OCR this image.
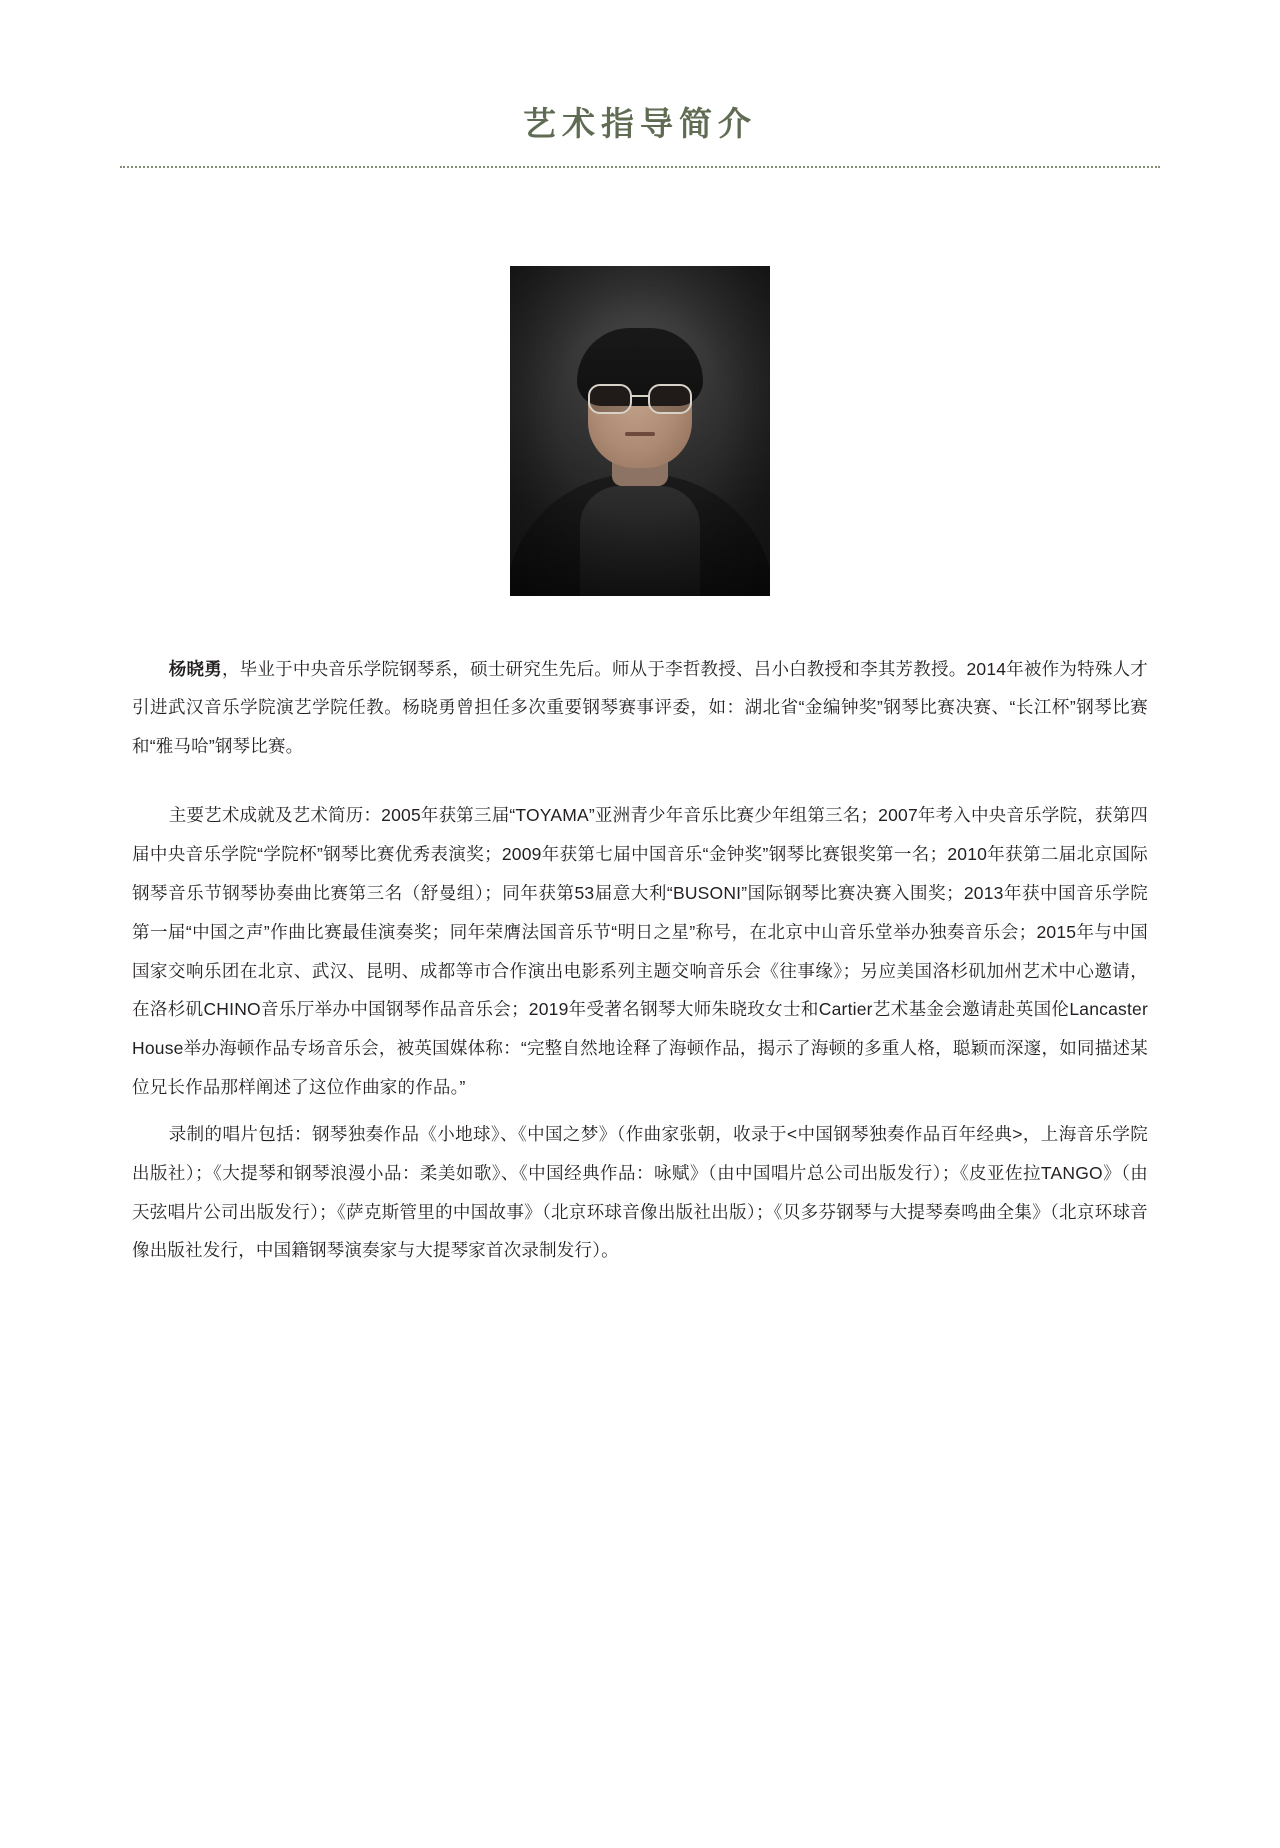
艺术指导简介

杨晓勇，毕业于中央音乐学院钢琴系，硕士研究生先后。师从于李哲教授、吕小白教授和李其芳教授。2014年被作为特殊人才引进武汉音乐学院演艺学院任教。杨晓勇曾担任多次重要钢琴赛事评委，如：湖北省“金编钟奖”钢琴比赛决赛、“长江杯”钢琴比赛和“雅马哈”钢琴比赛。

主要艺术成就及艺术简历：2005年获第三届“TOYAMA”亚洲青少年音乐比赛少年组第三名；2007年考入中央音乐学院，获第四届中央音乐学院“学院杯”钢琴比赛优秀表演奖；2009年获第七届中国音乐“金钟奖”钢琴比赛银奖第一名；2010年获第二届北京国际钢琴音乐节钢琴协奏曲比赛第三名（舒曼组）；同年获第53届意大利“BUSONI”国际钢琴比赛决赛入围奖；2013年获中国音乐学院第一届“中国之声”作曲比赛最佳演奏奖；同年荣膺法国音乐节“明日之星”称号，在北京中山音乐堂举办独奏音乐会；2015年与中国国家交响乐团在北京、武汉、昆明、成都等市合作演出电影系列主题交响音乐会《往事缘》；另应美国洛杉矶加州艺术中心邀请，在洛杉矶CHINO音乐厅举办中国钢琴作品音乐会；2019年受著名钢琴大师朱晓玫女士和Cartier艺术基金会邀请赴英国伦Lancaster　House举办海顿作品专场音乐会，被英国媒体称：“完整自然地诠释了海顿作品，揭示了海顿的多重人格，聪颖而深邃，如同描述某位兄长作品那样阐述了这位作曲家的作品。”

录制的唱片包括：钢琴独奏作品《小地球》、《中国之梦》（作曲家张朝，收录于<中国钢琴独奏作品百年经典>，上海音乐学院出版社）；《大提琴和钢琴浪漫小品：柔美如歌》、《中国经典作品：咏赋》（由中国唱片总公司出版发行）；《皮亚佐拉TANGO》（由天弦唱片公司出版发行）；《萨克斯管里的中国故事》（北京环球音像出版社出版）；《贝多芬钢琴与大提琴奏鸣曲全集》（北京环球音像出版社发行，中国籍钢琴演奏家与大提琴家首次录制发行）。
